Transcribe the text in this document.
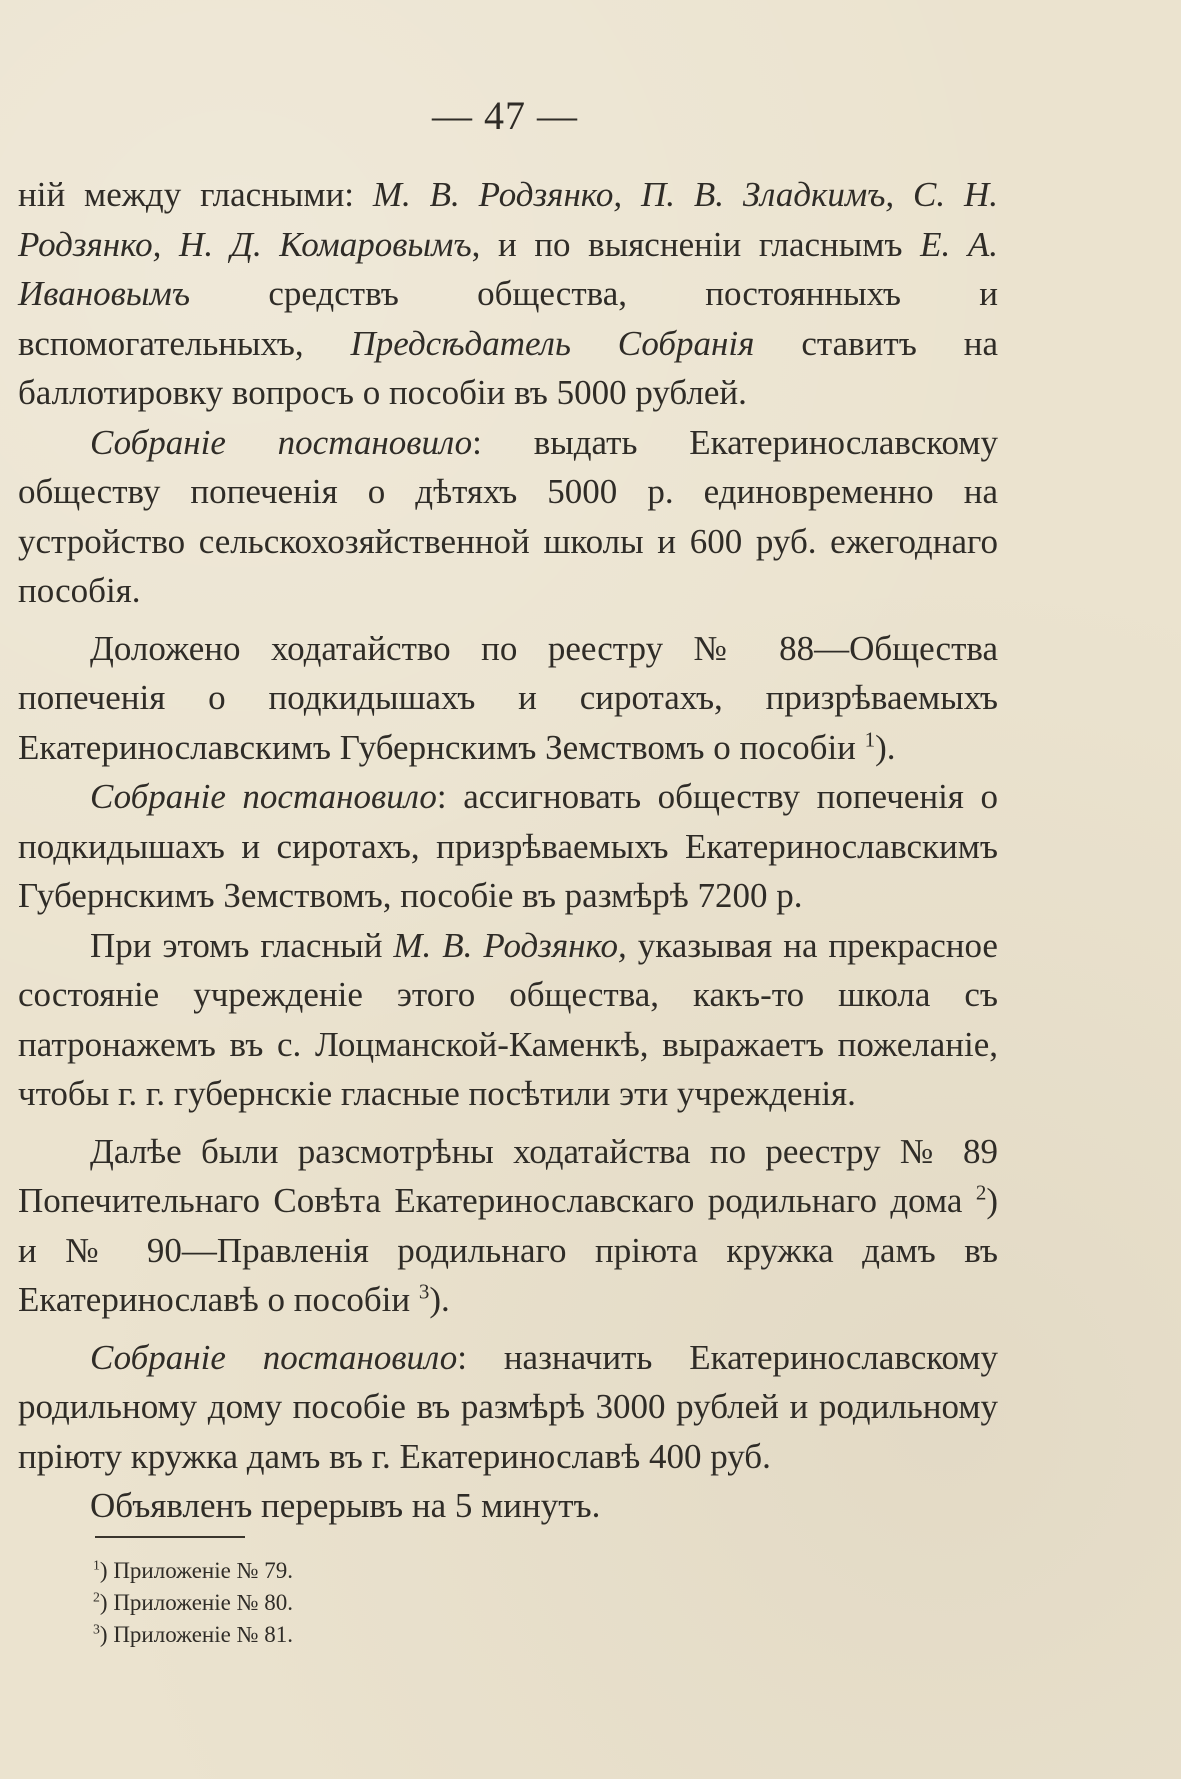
— 47 —

ній между гласными: М. В. Родзянко, П. В. Зладкимъ, С. Н. Родзянко, Н. Д. Комаровымъ, и по выясненіи гласнымъ Е. А. Ивановымъ средствъ общества, постоянныхъ и вспомогательныхъ, Предсѣдатель Собранія ставитъ на баллотировку вопросъ о пособіи въ 5000 рублей.

Собраніе постановило: выдать Екатеринославскому обществу попеченія о дѣтяхъ 5000 р. единовременно на устройство сельскохозяйственной школы и 600 руб. ежегоднаго пособія.

Доложено ходатайство по реестру № 88—Общества попеченія о подкидышахъ и сиротахъ, призрѣваемыхъ Екатеринославскимъ Губернскимъ Земствомъ о пособіи $^1$).

Собраніе постановило: ассигновать обществу попеченія о подкидышахъ и сиротахъ, призрѣваемыхъ Екатеринославскимъ Губернскимъ Земствомъ, пособіе въ размѣрѣ 7200 р.

При этомъ гласный М. В. Родзянко, указывая на прекрасное состояніе учрежденіе этого общества, какъ-то школа съ патронажемъ въ с. Лоцманской-Каменкѣ, выражаетъ пожеланіе, чтобы г. г. губернскіе гласные посѣтили эти учрежденія.

Далѣе были разсмотрѣны ходатайства по реестру № 89 Попечительнаго Совѣта Екатеринославскаго родильнаго дома $^2$) и № 90—Правленія родильнаго пріюта кружка дамъ въ Екатеринославѣ о пособіи $^3$).

Собраніе постановило: назначить Екатеринославскому родильному дому пособіе въ размѣрѣ 3000 рублей и родильному пріюту кружка дамъ въ г. Екатеринославѣ 400 руб.

Объявленъ перерывъ на 5 минутъ.

$^1$) Приложеніе № 79.

$^2$) Приложеніе № 80.

$^3$) Приложеніе № 81.
